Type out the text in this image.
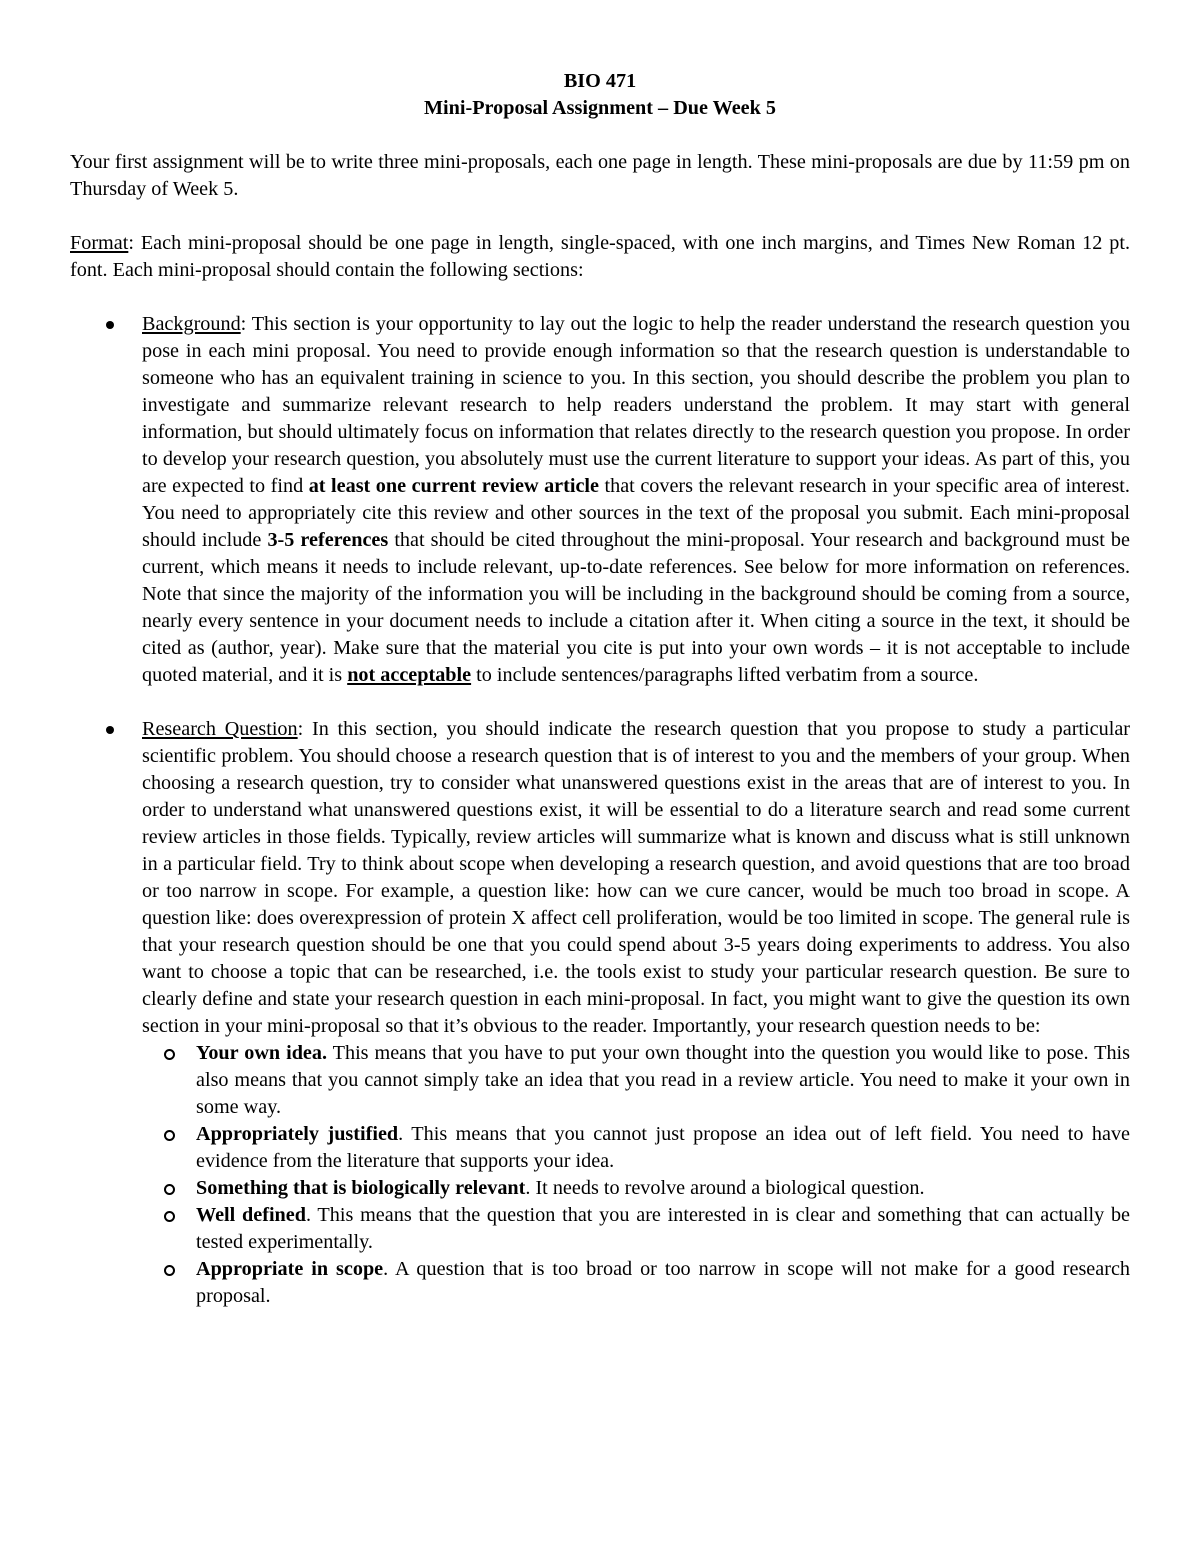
BIO 471
Mini-Proposal Assignment – Due Week 5

Your first assignment will be to write three mini-proposals, each one page in length. These mini-proposals are due by 11:59 pm on Thursday of Week 5.

Format: Each mini-proposal should be one page in length, single-spaced, with one inch margins, and Times New Roman 12 pt. font. Each mini-proposal should contain the following sections:

Background: This section is your opportunity to lay out the logic to help the reader understand the research question you pose in each mini proposal. You need to provide enough information so that the research question is understandable to someone who has an equivalent training in science to you. In this section, you should describe the problem you plan to investigate and summarize relevant research to help readers understand the problem. It may start with general information, but should ultimately focus on information that relates directly to the research question you propose. In order to develop your research question, you absolutely must use the current literature to support your ideas. As part of this, you are expected to find at least one current review article that covers the relevant research in your specific area of interest. You need to appropriately cite this review and other sources in the text of the proposal you submit. Each mini-proposal should include 3-5 references that should be cited throughout the mini-proposal. Your research and background must be current, which means it needs to include relevant, up-to-date references. See below for more information on references. Note that since the majority of the information you will be including in the background should be coming from a source, nearly every sentence in your document needs to include a citation after it. When citing a source in the text, it should be cited as (author, year). Make sure that the material you cite is put into your own words – it is not acceptable to include quoted material, and it is not acceptable to include sentences/paragraphs lifted verbatim from a source.
Research Question: In this section, you should indicate the research question that you propose to study a particular scientific problem. You should choose a research question that is of interest to you and the members of your group. When choosing a research question, try to consider what unanswered questions exist in the areas that are of interest to you. In order to understand what unanswered questions exist, it will be essential to do a literature search and read some current review articles in those fields. Typically, review articles will summarize what is known and discuss what is still unknown in a particular field. Try to think about scope when developing a research question, and avoid questions that are too broad or too narrow in scope. For example, a question like: how can we cure cancer, would be much too broad in scope. A question like: does overexpression of protein X affect cell proliferation, would be too limited in scope. The general rule is that your research question should be one that you could spend about 3-5 years doing experiments to address. You also want to choose a topic that can be researched, i.e. the tools exist to study your particular research question. Be sure to clearly define and state your research question in each mini-proposal. In fact, you might want to give the question its own section in your mini-proposal so that it’s obvious to the reader. Importantly, your research question needs to be:
Your own idea. This means that you have to put your own thought into the question you would like to pose. This also means that you cannot simply take an idea that you read in a review article. You need to make it your own in some way.
Appropriately justified. This means that you cannot just propose an idea out of left field. You need to have evidence from the literature that supports your idea.
Something that is biologically relevant. It needs to revolve around a biological question.
Well defined. This means that the question that you are interested in is clear and something that can actually be tested experimentally.
Appropriate in scope. A question that is too broad or too narrow in scope will not make for a good research proposal.
